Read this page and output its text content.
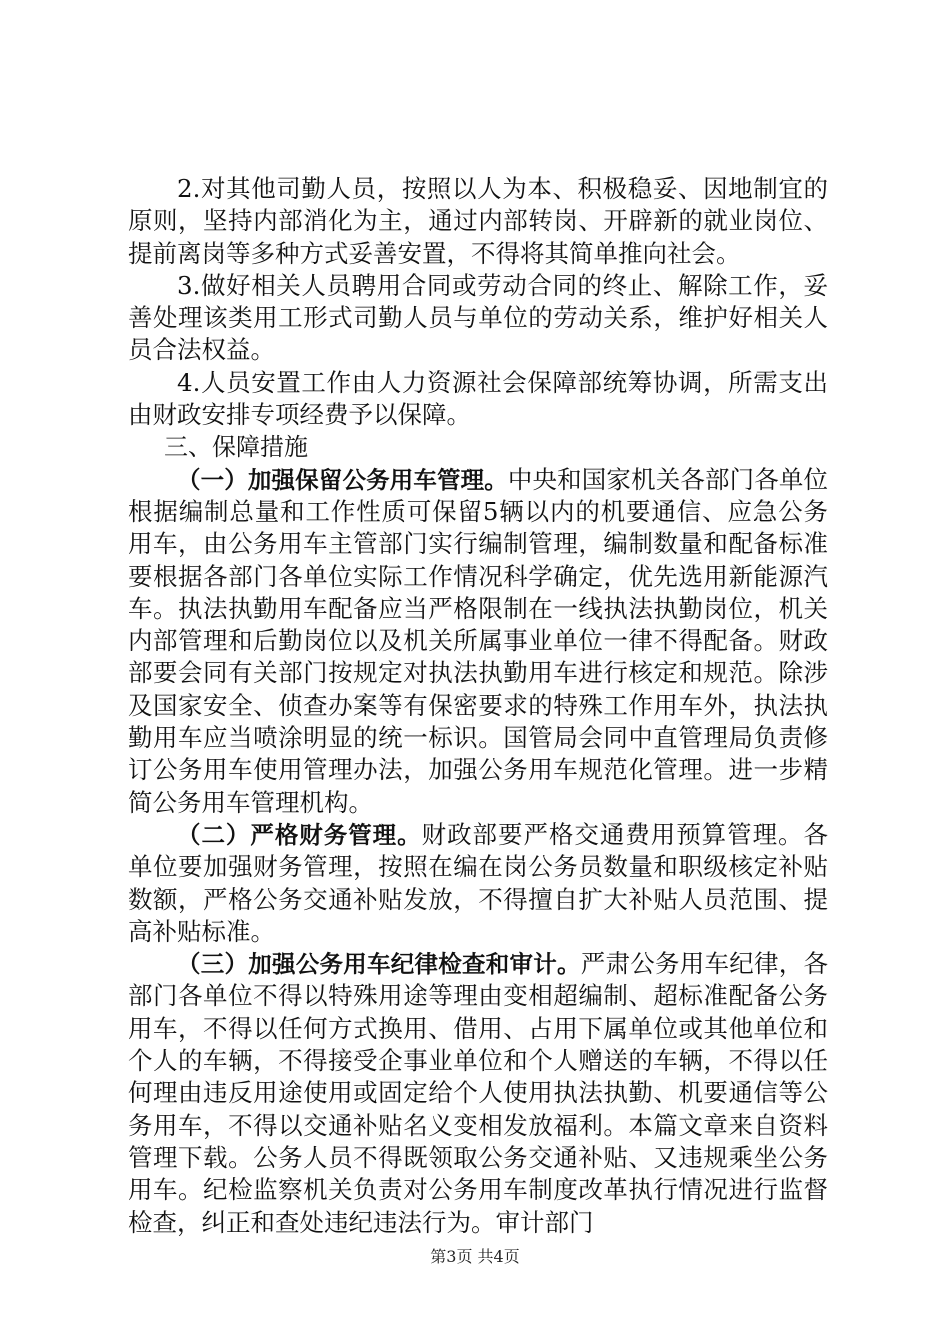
2.对其他司勤人员，按照以人为本、积极稳妥、因地制宜的原则，坚持内部消化为主，通过内部转岗、开辟新的就业岗位、提前离岗等多种方式妥善安置，不得将其简单推向社会。

3.做好相关人员聘用合同或劳动合同的终止、解除工作，妥善处理该类用工形式司勤人员与单位的劳动关系，维护好相关人员合法权益。

4.人员安置工作由人力资源社会保障部统筹协调，所需支出由财政安排专项经费予以保障。

三、保障措施

（一）加强保留公务用车管理。中央和国家机关各部门各单位根据编制总量和工作性质可保留5辆以内的机要通信、应急公务用车，由公务用车主管部门实行编制管理，编制数量和配备标准要根据各部门各单位实际工作情况科学确定，优先选用新能源汽车。执法执勤用车配备应当严格限制在一线执法执勤岗位，机关内部管理和后勤岗位以及机关所属事业单位一律不得配备。财政部要会同有关部门按规定对执法执勤用车进行核定和规范。除涉及国家安全、侦查办案等有保密要求的特殊工作用车外，执法执勤用车应当喷涂明显的统一标识。国管局会同中直管理局负责修订公务用车使用管理办法，加强公务用车规范化管理。进一步精简公务用车管理机构。

（二）严格财务管理。财政部要严格交通费用预算管理。各单位要加强财务管理，按照在编在岗公务员数量和职级核定补贴数额，严格公务交通补贴发放，不得擅自扩大补贴人员范围、提高补贴标准。

（三）加强公务用车纪律检查和审计。严肃公务用车纪律，各部门各单位不得以特殊用途等理由变相超编制、超标准配备公务用车，不得以任何方式换用、借用、占用下属单位或其他单位和个人的车辆，不得接受企事业单位和个人赠送的车辆，不得以任何理由违反用途使用或固定给个人使用执法执勤、机要通信等公务用车，不得以交通补贴名义变相发放福利。本篇文章来自资料管理下载。公务人员不得既领取公务交通补贴、又违规乘坐公务用车。纪检监察机关负责对公务用车制度改革执行情况进行监督检查，纠正和查处违纪违法行为。审计部门

第3页 共4页
